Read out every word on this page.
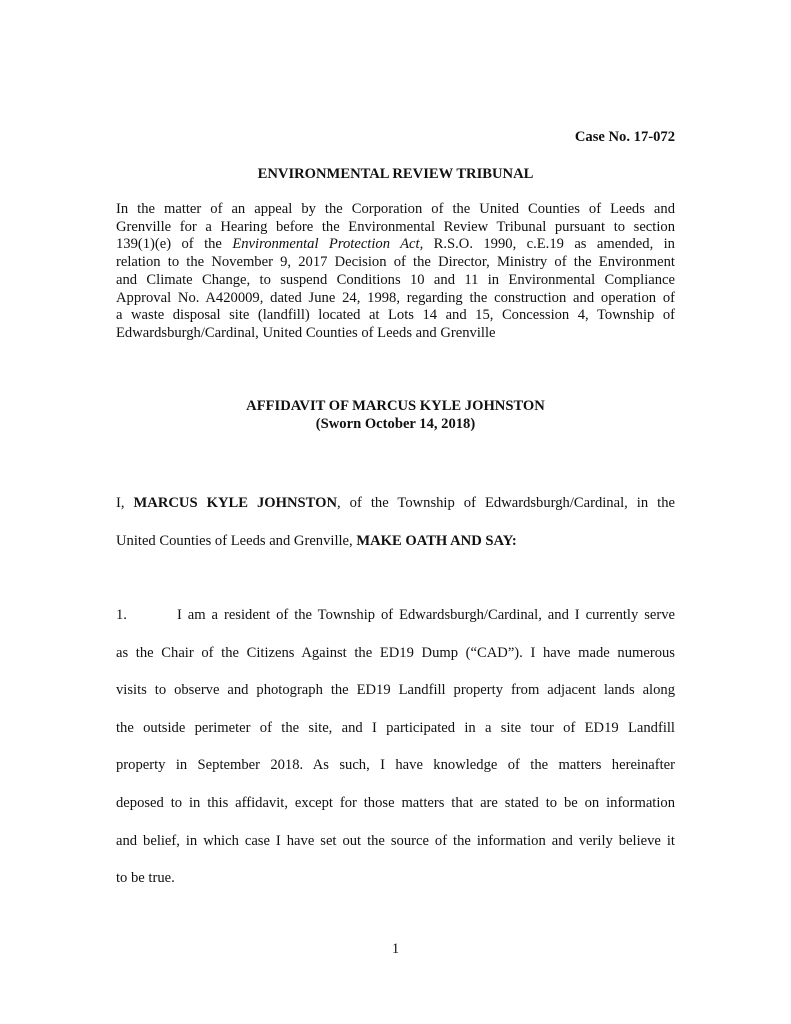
Case No. 17-072
ENVIRONMENTAL REVIEW TRIBUNAL
In the matter of an appeal by the Corporation of the United Counties of Leeds and
Grenville for a Hearing before the Environmental Review Tribunal pursuant to section
139(1)(e) of the Environmental Protection Act, R.S.O. 1990, c.E.19 as amended, in
relation to the November 9, 2017 Decision of the Director, Ministry of the Environment
and Climate Change, to suspend Conditions 10 and 11 in Environmental Compliance
Approval No. A420009, dated June 24, 1998, regarding the construction and operation of
a waste disposal site (landfill) located at Lots 14 and 15, Concession 4, Township of
Edwardsburgh/Cardinal, United Counties of Leeds and Grenville
AFFIDAVIT OF MARCUS KYLE JOHNSTON
(Sworn October 14, 2018)
I, MARCUS KYLE JOHNSTON, of the Township of Edwardsburgh/Cardinal, in the
United Counties of Leeds and Grenville, MAKE OATH AND SAY:
1.	I am a resident of the Township of Edwardsburgh/Cardinal, and I currently serve
as the Chair of the Citizens Against the ED19 Dump (“CAD”). I have made numerous
visits to observe and photograph the ED19 Landfill property from adjacent lands along
the outside perimeter of the site, and I participated in a site tour of ED19 Landfill
property in September 2018. As such, I have knowledge of the matters hereinafter
deposed to in this affidavit, except for those matters that are stated to be on information
and belief, in which case I have set out the source of the information and verily believe it
to be true.
1
